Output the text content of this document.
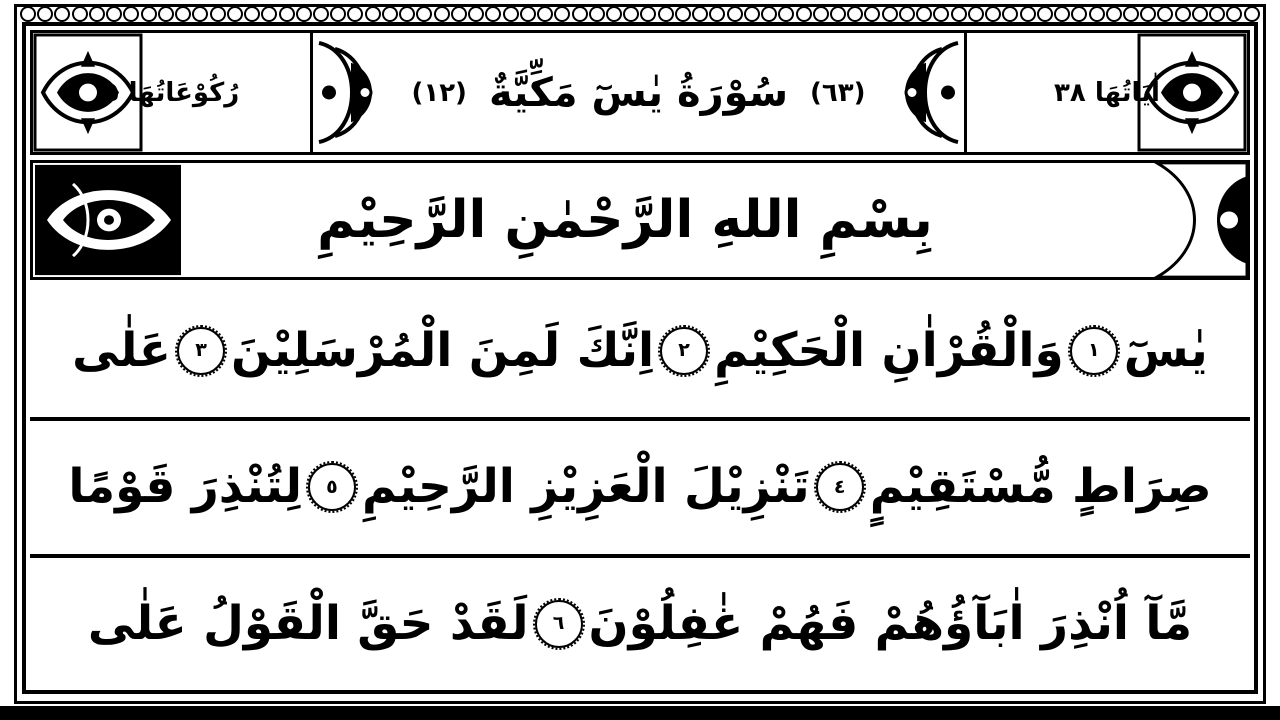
رُكُوْعَاتُهَا ٥	(٢١) سُوْرَةُ يٰسٓ مَكِّيَّةٌ (٣٦)	اٰیَاتُهَا ٨٣
بِسْمِ اللهِ الرَّحْمٰنِ الرَّحِيْمِ
يٰسٓ
١
وَالْقُرْاٰنِ الْحَكِيْمِ
٢
اِنَّكَ لَمِنَ الْمُرْسَلِيْنَ
٣
عَلٰى
صِرَاطٍ مُّسْتَقِيْمٍ
٤
تَنْزِيْلَ الْعَزِيْزِ الرَّحِيْمِ
٥
لِتُنْذِرَ قَوْمًا
مَّآ اُنْذِرَ اٰبَآؤُهُمْ فَهُمْ غٰفِلُوْنَ
٦
لَقَدْ حَقَّ الْقَوْلُ عَلٰى
